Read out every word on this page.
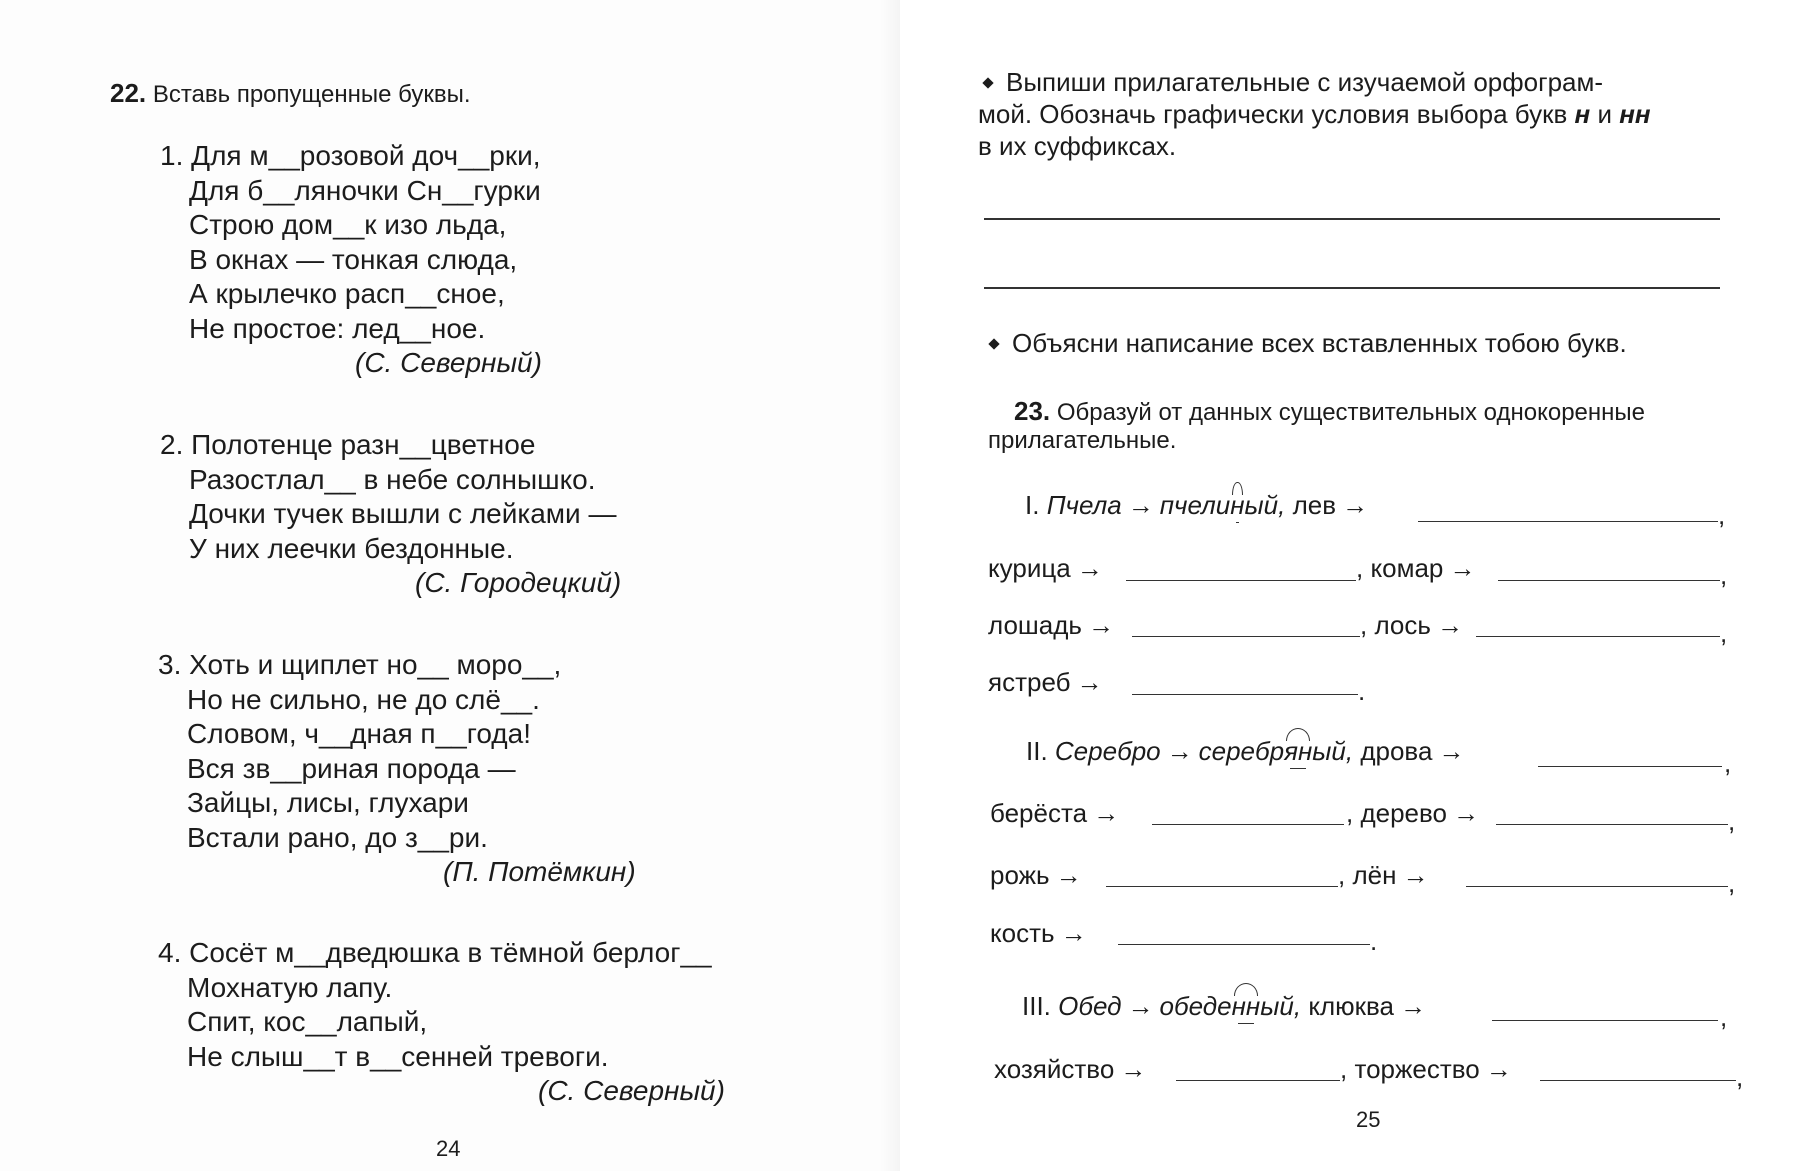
22. Вставь пропущенные буквы.
1. Для м__розовой доч__рки,
Для б__ляночки Сн__гурки
Строю дом__к изо льда,
В окнах — тонкая слюда,
А крылечко расп__сное,
Не простое: лед__ное.
(С. Северный)
2. Полотенце разн__цветное
Разостлал__ в небе солнышко.
Дочки тучек вышли с лейками —
У них леечки бездонные.
(С. Городецкий)
3. Хоть и щиплет но__ моро__,
Но не сильно, не до слё__.
Словом, ч__дная п__года!
Вся зв__риная порода —
Зайцы, лисы, глухари
Встали рано, до з__ри.
(П. Потёмкин)
4. Сосёт м__дведюшка в тёмной берлог__
Мохнатую лапу.
Спит, кос__лапый,
Не слыш__т в__сенней тревоги.
(С. Северный)
24
Выпиши прилагательные с изучаемой орфограм-
мой. Обозначь графически условия выбора букв н и нн
в их суффиксах.
Объясни написание всех вставленных тобою букв.
23. Образуй от данных существительных однокоренные
прилагательные.
I. Пчела → пчелиный, лев →	,
курица →	, комар →	,
лошадь →	, лось →	,
ястреб →	.
II. Серебро → серебряный, дрова →	,
берёста →	, дерево →	,
рожь →	, лён →	,
кость →	.
III. Обед → обеденный, клюква →	,
хозяйство →	, торжество →	,
25
